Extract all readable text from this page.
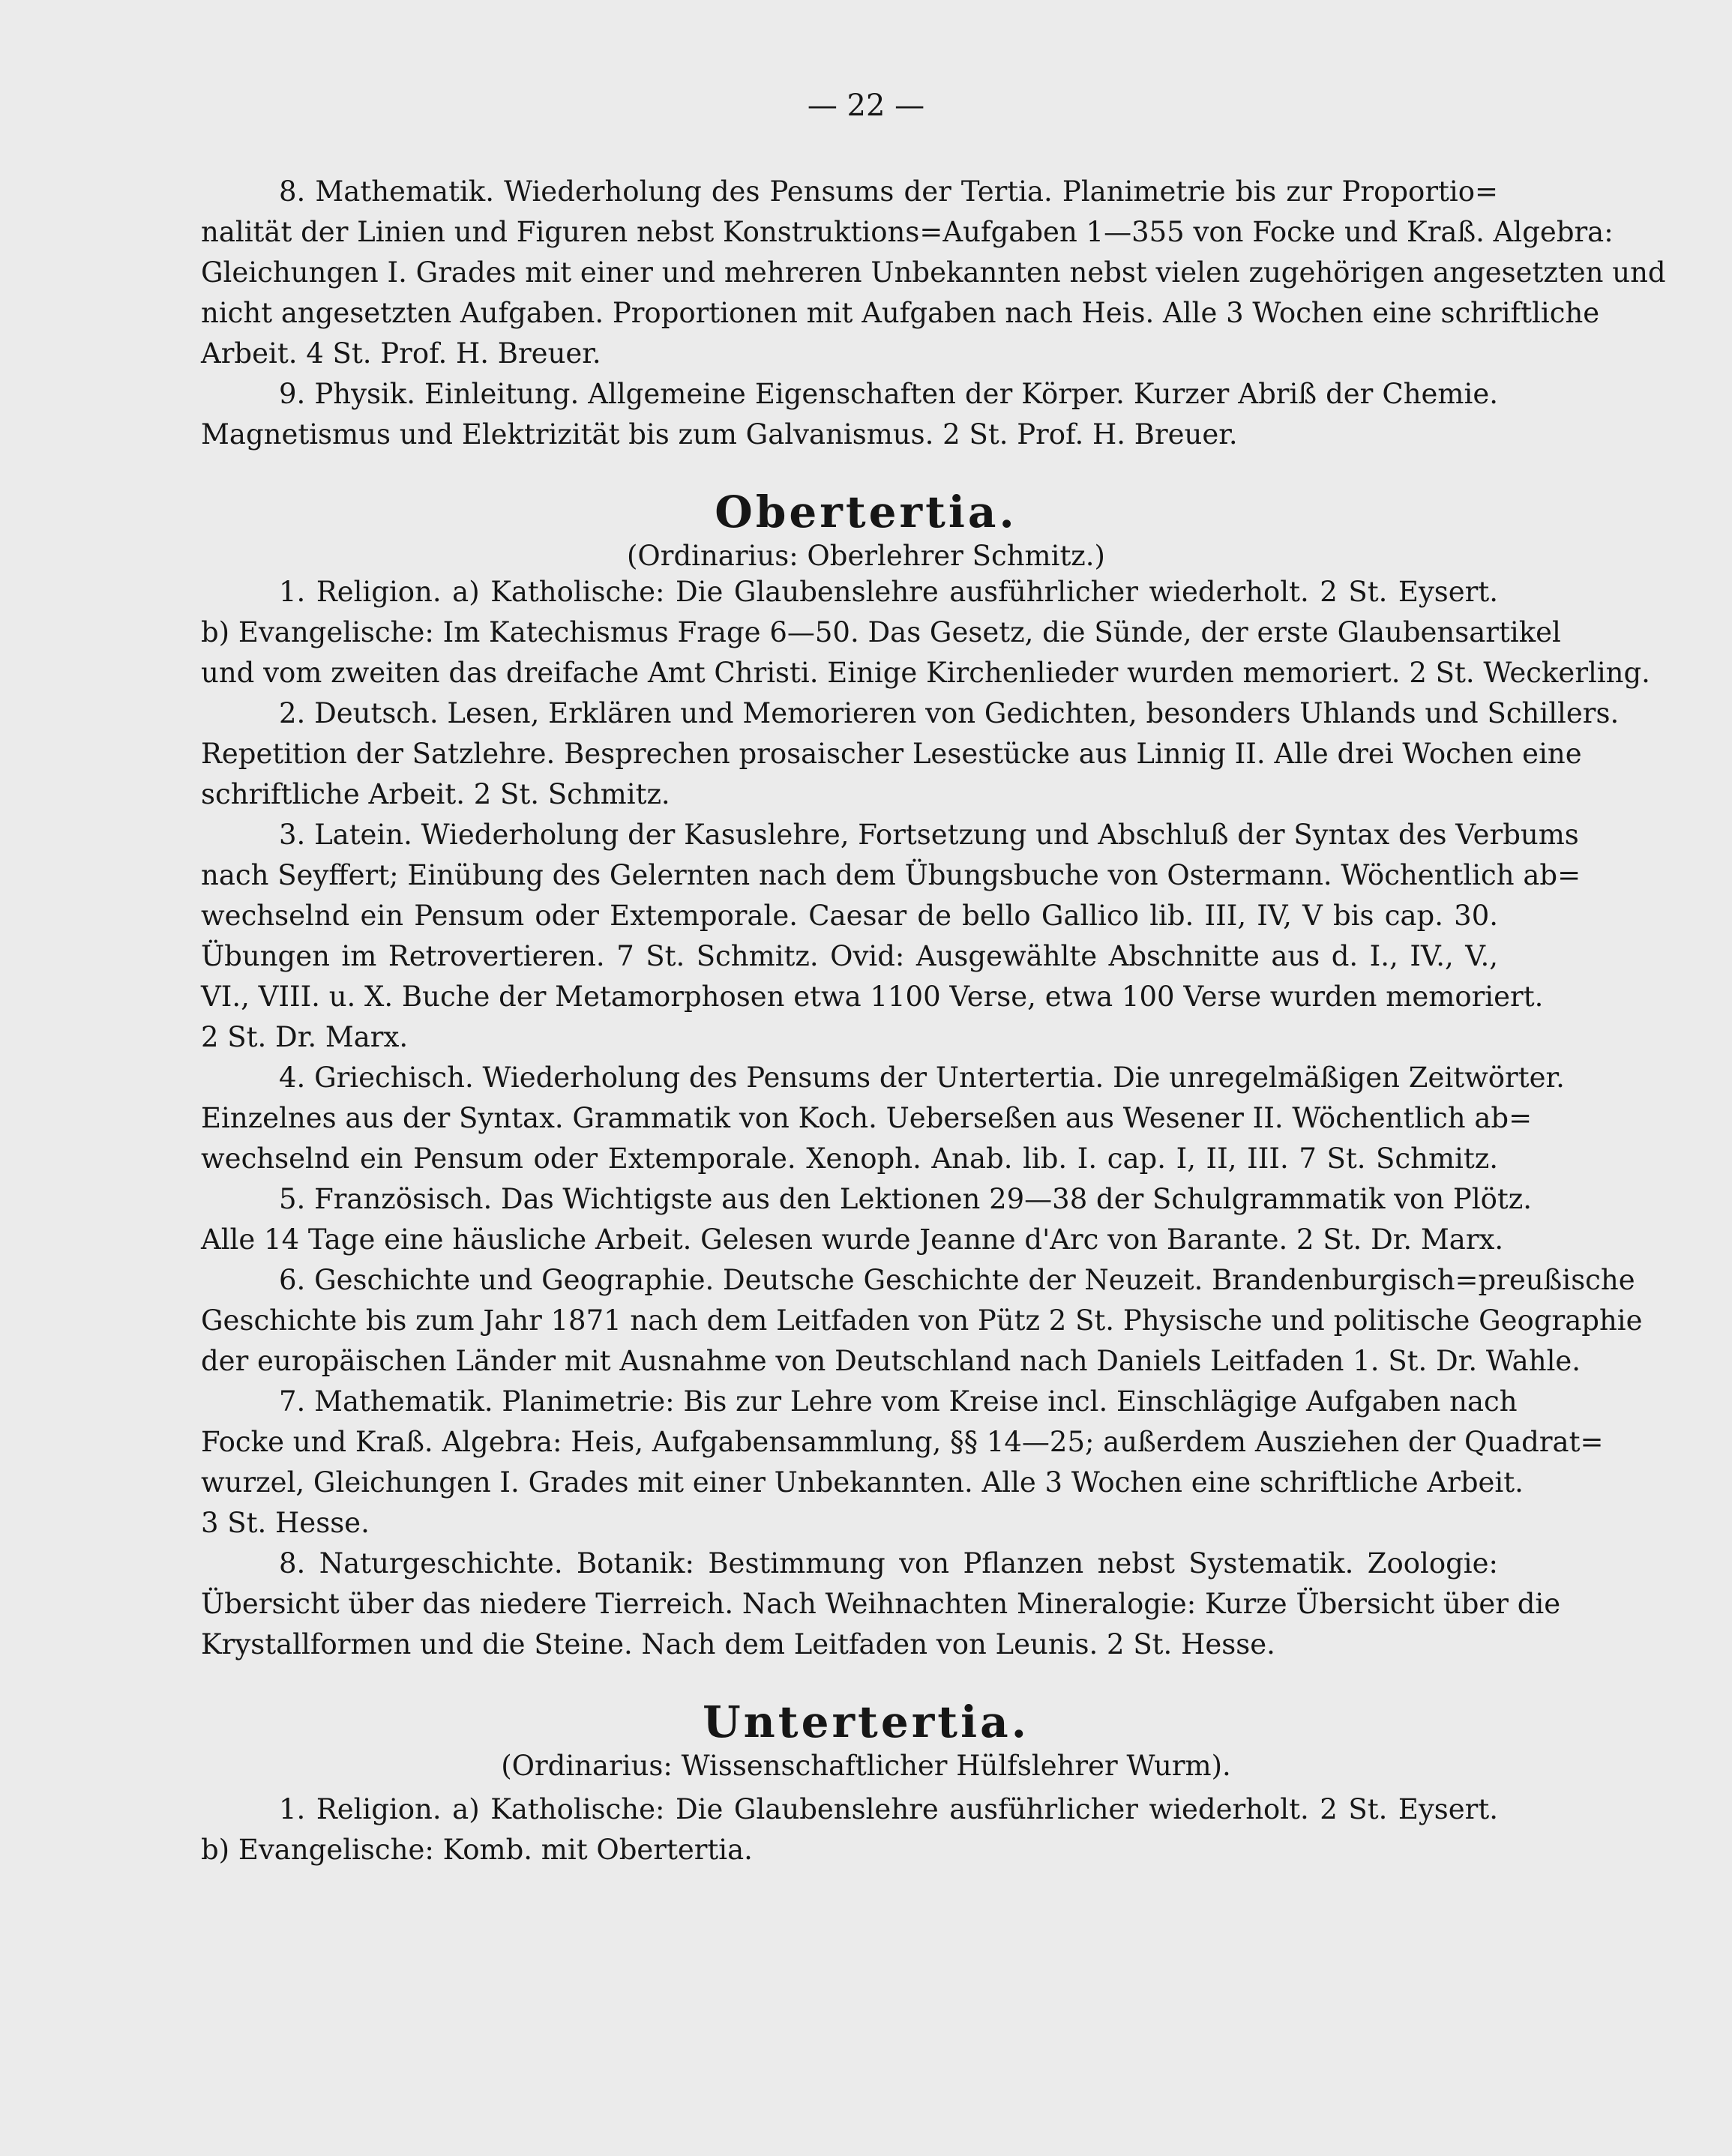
— 22 —
8. Mathematik. Wiederholung des Pensums der Tertia. Planimetrie bis zur Proportio=
nalität der Linien und Figuren nebst Konstruktions=Aufgaben 1—355 von Focke und Kraß. Algebra:
Gleichungen I. Grades mit einer und mehreren Unbekannten nebst vielen zugehörigen angesetzten und
nicht angesetzten Aufgaben. Proportionen mit Aufgaben nach Heis. Alle 3 Wochen eine schriftliche
Arbeit. 4 St. Prof. H. Breuer.
9. Physik. Einleitung. Allgemeine Eigenschaften der Körper. Kurzer Abriß der Chemie.
Magnetismus und Elektrizität bis zum Galvanismus. 2 St. Prof. H. Breuer.
Obertertia.
(Ordinarius: Oberlehrer Schmitz.)
1. Religion. a) Katholische: Die Glaubenslehre ausführlicher wiederholt. 2 St. Eysert.
b) Evangelische: Im Katechismus Frage 6—50. Das Gesetz, die Sünde, der erste Glaubensartikel
und vom zweiten das dreifache Amt Christi. Einige Kirchenlieder wurden memoriert. 2 St. Weckerling.
2. Deutsch. Lesen, Erklären und Memorieren von Gedichten, besonders Uhlands und Schillers.
Repetition der Satzlehre. Besprechen prosaischer Lesestücke aus Linnig II. Alle drei Wochen eine
schriftliche Arbeit. 2 St. Schmitz.
3. Latein. Wiederholung der Kasuslehre, Fortsetzung und Abschluß der Syntax des Verbums
nach Seyffert; Einübung des Gelernten nach dem Übungsbuche von Ostermann. Wöchentlich ab=
wechselnd ein Pensum oder Extemporale. Caesar de bello Gallico lib. III, IV, V bis cap. 30.
Übungen im Retrovertieren. 7 St. Schmitz. Ovid: Ausgewählte Abschnitte aus d. I., IV., V.,
VI., VIII. u. X. Buche der Metamorphosen etwa 1100 Verse, etwa 100 Verse wurden memoriert.
2 St. Dr. Marx.
4. Griechisch. Wiederholung des Pensums der Untertertia. Die unregelmäßigen Zeitwörter.
Einzelnes aus der Syntax. Grammatik von Koch. Ueberseßen aus Wesener II. Wöchentlich ab=
wechselnd ein Pensum oder Extemporale. Xenoph. Anab. lib. I. cap. I, II, III. 7 St. Schmitz.
5. Französisch. Das Wichtigste aus den Lektionen 29—38 der Schulgrammatik von Plötz.
Alle 14 Tage eine häusliche Arbeit. Gelesen wurde Jeanne d'Arc von Barante. 2 St. Dr. Marx.
6. Geschichte und Geographie. Deutsche Geschichte der Neuzeit. Brandenburgisch=preußische
Geschichte bis zum Jahr 1871 nach dem Leitfaden von Pütz 2 St. Physische und politische Geographie
der europäischen Länder mit Ausnahme von Deutschland nach Daniels Leitfaden 1. St. Dr. Wahle.
7. Mathematik. Planimetrie: Bis zur Lehre vom Kreise incl. Einschlägige Aufgaben nach
Focke und Kraß. Algebra: Heis, Aufgabensammlung, §§ 14—25; außerdem Ausziehen der Quadrat=
wurzel, Gleichungen I. Grades mit einer Unbekannten. Alle 3 Wochen eine schriftliche Arbeit.
3 St. Hesse.
8. Naturgeschichte. Botanik: Bestimmung von Pflanzen nebst Systematik. Zoologie:
Übersicht über das niedere Tierreich. Nach Weihnachten Mineralogie: Kurze Übersicht über die
Krystallformen und die Steine. Nach dem Leitfaden von Leunis. 2 St. Hesse.
Untertertia.
(Ordinarius: Wissenschaftlicher Hülfslehrer Wurm).
1. Religion. a) Katholische: Die Glaubenslehre ausführlicher wiederholt. 2 St. Eysert.
b) Evangelische: Komb. mit Obertertia.
